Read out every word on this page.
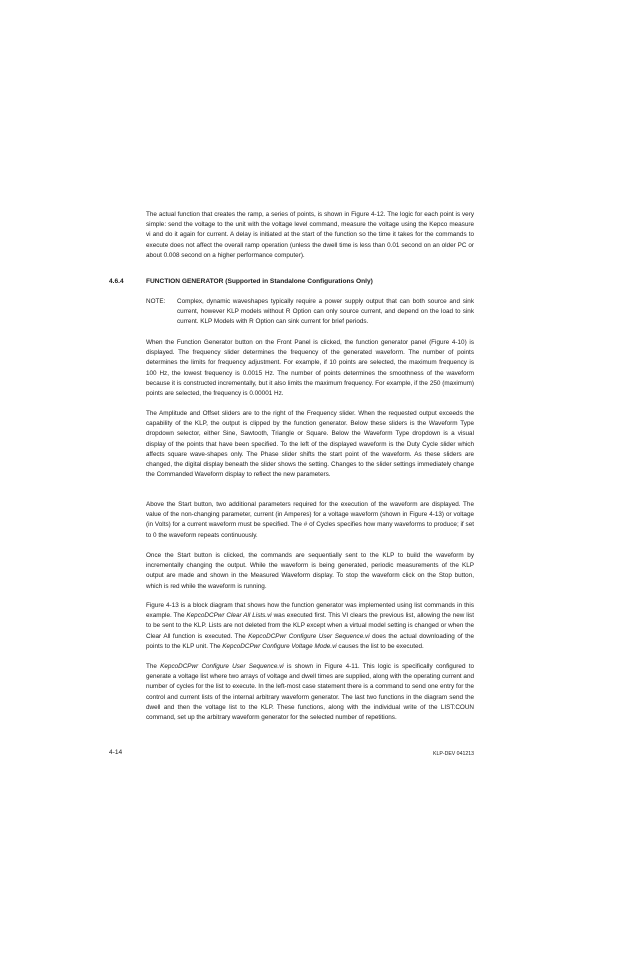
The actual function that creates the ramp, a series of points, is shown in Figure 4-12. The logic for each point is very simple: send the voltage to the unit with the voltage level command, measure the voltage using the Kepco measure vi and do it again for current. A delay is initiated at the start of the function so the time it takes for the commands to execute does not affect the overall ramp operation (unless the dwell time is less than 0.01 second on an older PC or about 0.008 second on a higher performance computer).

4.6.4	FUNCTION GENERATOR (Supported in Standalone Configurations Only)
NOTE: Complex, dynamic waveshapes typically require a power supply output that can both source and sink current, however KLP models without R Option can only source current, and depend on the load to sink current. KLP Models with R Option can sink current for brief periods.

When the Function Generator button on the Front Panel is clicked, the function generator panel (Figure 4-10) is displayed. The frequency slider determines the frequency of the generated waveform. The number of points determines the limits for frequency adjustment. For example, if 10 points are selected, the maximum frequency is 100 Hz, the lowest frequency is 0.0015 Hz. The number of points determines the smoothness of the waveform because it is constructed incrementally, but it also limits the maximum frequency. For example, if the 250 (maximum) points are selected, the frequency is 0.00001 Hz.

The Amplitude and Offset sliders are to the right of the Frequency slider. When the requested output exceeds the capability of the KLP, the output is clipped by the function generator. Below these sliders is the Waveform Type dropdown selector, either Sine, Sawtooth, Triangle or Square. Below the Waveform Type dropdown is a visual display of the points that have been specified. To the left of the displayed waveform is the Duty Cycle slider which affects square wave-shapes only. The Phase slider shifts the start point of the waveform. As these sliders are changed, the digital display beneath the slider shows the setting. Changes to the slider settings immediately change the Commanded Waveform display to reflect the new parameters.

Above the Start button, two additional parameters required for the execution of the waveform are displayed. The value of the non-changing parameter, current (in Amperes) for a voltage waveform (shown in Figure 4-13) or voltage (in Volts) for a current waveform must be specified. The # of Cycles specifies how many waveforms to produce; if set to 0 the waveform repeats continuously.

Once the Start button is clicked, the commands are sequentially sent to the KLP to build the waveform by incrementally changing the output. While the waveform is being generated, periodic measurements of the KLP output are made and shown in the Measured Waveform display. To stop the waveform click on the Stop button, which is red while the waveform is running.

Figure 4-13 is a block diagram that shows how the function generator was implemented using list commands in this example. The KepcoDCPwr Clear All Lists.vi was executed first. This VI clears the previous list, allowing the new list to be sent to the KLP. Lists are not deleted from the KLP except when a virtual model setting is changed or when the Clear All function is executed. The KepcoDCPwr Configure User Sequence.vi does the actual downloading of the points to the KLP unit. The KepcoDCPwr Configure Voltage Mode.vi causes the list to be executed.

The KepcoDCPwr Configure User Sequence.vi is shown in Figure 4-11. This logic is specifically configured to generate a voltage list where two arrays of voltage and dwell times are supplied, along with the operating current and number of cycles for the list to execute. In the left-most case statement there is a command to send one entry for the control and current lists of the internal arbitrary waveform generator. The last two functions in the diagram send the dwell and then the voltage list to the KLP. These functions, along with the individual write of the LIST:COUN command, set up the arbitrary waveform generator for the selected number of repetitions.

4-14	KLP-DEV 041213
